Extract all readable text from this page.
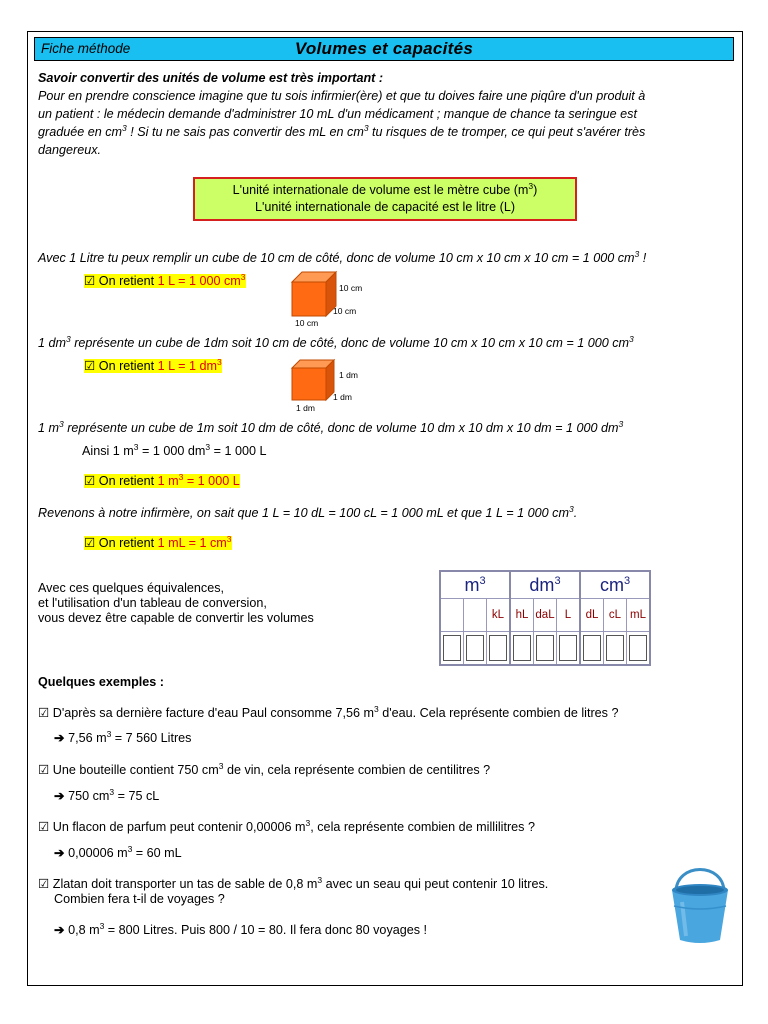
Fiche méthode	Volumes et capacités
Savoir convertir des unités de volume est très important :
Pour en prendre conscience imagine que tu sois infirmier(ère) et que tu doives faire une piqûre d'un produit à
un patient : le médecin demande d'administrer 10 mL d'un médicament ; manque de chance ta seringue est
graduée en $cm^3$ ! Si tu ne sais pas convertir des mL en $cm^3$ tu risques de te tromper, ce qui peut s'avérer très
dangereux.
L'unité internationale de volume est le mètre cube $(m^3)$
L'unité internationale de capacité est le litre (L)
Avec 1 Litre tu peux remplir un cube de 10 cm de côté, donc de volume 10 cm x 10 cm x 10 cm = 1 000 $cm^3$ !
☑ On retient 1 L = 1 000 $cm^3$
10 cm
10 cm
10 cm
1 $dm^3$ représente un cube de 1dm soit 10 cm de côté, donc de volume 10 cm x 10 cm x 10 cm = 1 000 $cm^3$
☑ On retient 1 L = 1 $dm^3$
1 dm
1 dm
1 dm
1 $m^3$ représente un cube de 1m soit 10 dm de côté, donc de volume 10 dm x 10 dm x 10 dm = 1 000 $dm^3$
Ainsi 1 $m^3 = 1$ 000 $dm^3 = 1$ 000 L
☑ On retient 1 $m^3 = 1$ 000 L
Revenons à notre infirmère, on sait que 1 L = 10 dL = 100 cL = 1 000 mL et que 1 L = 1 000 $cm^3$.
☑ On retient 1 mL = 1 $cm^3$
Avec ces quelques équivalences,
et l'utilisation d'un tableau de conversion,
vous devez être capable de convertir les volumes
$m^3$			$dm^3$			$cm^3$
		kL	hL	daL	L	dL	cL	mL

Quelques exemples :
☑ D'après sa dernière facture d'eau Paul consomme 7,56 $m^3$ d'eau. Cela représente combien de litres ?
➔ 7,56 $m^3 = 7$ 560 Litres
☑ Une bouteille contient 750 $cm^3$ de vin, cela représente combien de centilitres ?
➔ 750 $cm^3 = 75$ cL
☑ Un flacon de parfum peut contenir 0,00006 $m^3$, cela représente combien de millilitres ?
➔ 0,00006 $m^3 = 60$ mL
☑ Zlatan doit transporter un tas de sable de 0,8 $m^3$ avec un seau qui peut contenir 10 litres.
Combien fera t-il de voyages ?
➔ 0,8 $m^3 = 800$ Litres. Puis 800 / 10 = 80. Il fera donc 80 voyages !
